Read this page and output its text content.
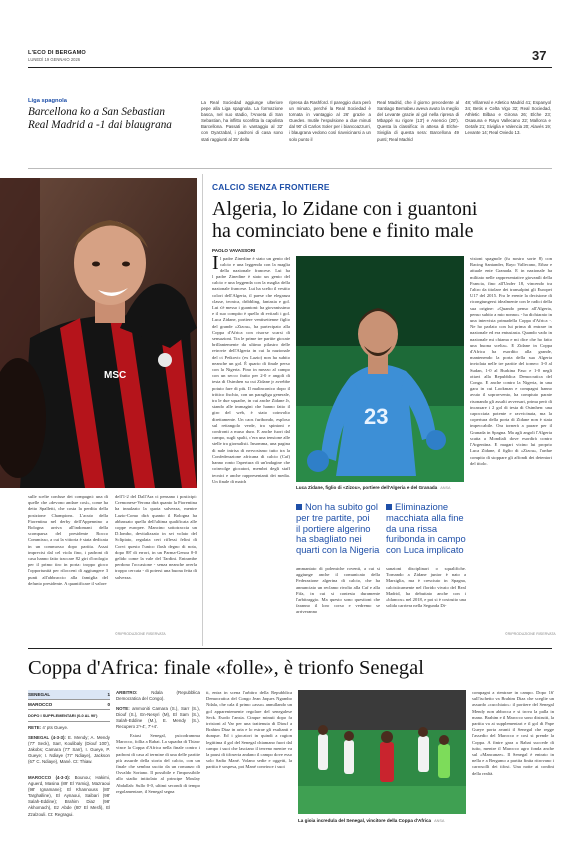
L'ECO DI BERGAMO
LUNEDÌ 19 GENNAIO 2026	37
Liga spagnola
Barcellona ko a San Sebastian
Real Madrid a -1 dai blaugrana
La Real Sociedad aggiunge ulteriore pepe alla Liga spagnola. La formazione basca, nel suo stadio, l'Anoeta di San Sebastian, ha inflitto sconfitta la capolista Barcellona. Passati in vantaggio al 32' con Oyarzabal, i padroni di casa sono stati raggiunti al 25' della
ripresa da Rashford. Il pareggio dura però un minuto, perché la Real Sociedad è tornata in vantaggio al 26' grazie a Guedes. Inutile l'espulsione a due minuti dal 90' di Carlos Soler per i biancoazzurri, i blaugrana vedono così riavvicinarsi a un solo punto il
Real Madrid, che il giorno precedente al Santiago Bernabeu aveva avuto la meglio del Levante grazie al gol nella ripresa di Mbappé su rigore (13') e Asencio (20'). Questa la classifica: in attesa di Elche-Siviglia di questa sera: Barcellona 49 punti; Real Madrid
48; Villarreal e Atletico Madrid 41; Espanyol 34; Betis e Celta Vigo 32; Real Sociedad, Athletic Bilbao e Girona 26; Elche 23; Osasuna e Rayo Vallecano 22; Mallorca e Getafe 21; Siviglia e Valencia 20; Alavés 19; Levante 14; Real Oviedo 13.
MSC
sulle scelte confuse dei compagni: una di quelle che «devono andare così», come ha detto Spalletti, che costa la perdita della posizione Champions. L'acuto della Fiorentina nel derby dell'Appennino a Bologna arriva all'indomani della scomparsa del presidente Rocco Commisso, a cui la vittoria è stata dedicata in un commosso dopo partita. Assai imprecisi dal cel viola fino, i padroni di casa hanno fatto traccare 82 giri d'orologio per il primo tiro in porta: troppo gioco l'opportunità per rilocceni di aggiungere 3 punti all'abbraccio alla famiglia del defunto presidente. A quantificare il valore
dell'1-2 del Dall'Ara ci pensano i posticipi: Cremonese-Verona dirà quanto la Fiorentina ha innalzato la quota salvezza, mentre Lazio-Como dirà quanto il Bologna ha abbassato quella dell'ultima qualificata alle coppe europee. Mancino sottotraccia un D.Iombo, devitalizzato in sei volato del Sclipiato, regalata ceri riflessi felini di Corvi questo l'unico flash degno di nota, dopo 88' di errori, in un Parma-Genoa 0-0 gelido come la vale del Tardini. Entrambe perdono l'occasione - senza neanche averla troppo cercata - di potersi una buona fetta di salvezza.
©RIPRODUZIONE RISERVATA
CALCIO SENZA FRONTIERE
Algeria, lo Zidane con i guantoni
ha cominciato bene e finito male
PAOLO VAVASSORI
I l padre Zinedine è stato un genio del calcio e una leggenda con la maglia della nazionale francese. Lui ha
l padre Zinedine è stato un genio del calcio e una leggenda con la maglia della nazionale francese. Lui ha scelto il vestito colori dell'Algeria, il paese che eleganza classe, tecnica, dribbling, fantasia e gol. Lui s'è messo i guantoni: ha giovanissimo e il suo compito è quello di evitarli i gol. Luca Zidane, portiere ventisettenne figlio del grande «Zizou», ha partecipato alla Coppa d'Africa con risorse scarsi di sensazioni. Tra le prime tre partite giocate brillantemente da ultimo pilastro delle retrovie dell'Algeria in cui la nazionale del ct Petkovic (ex Lazio) non ha subito neanche un gol. È quarto di finale perso con la Nigeria. Fino in mezzo al campo con un secco fratto per 2-0 e angoli di testa di Osimhen su cui Zidane jr avrebbe potuto fare di più. Il malinconico dopo il trittico fischio, con un paragliga generale, tra le due squadre, in cui anche Zidane Jr, stando alle immagini che hanno fatto il giro del web, è stato coinvolto direttamente. Un caos furibondo, esploso sul rettangolo verde, tra spintoni e confronti a muso duro. E anche fuori dal campo, sugli spalti, c'era una tensione alle stelle tra giornalisti. Insomma, una pagina di nale intrisa di nervosismo tutto tra la Confederazione africana di calcio (Caf) hanno ronto l'apertura di un'indagine che coinvolge giocatori, membri degli staff tecnici e anche rappresentanti dei media. Un finale di match
23
Luca Zidane, figlio di «Zizou», portiere dell'Algeria e del Granada ANSA
visioni spagnole (fu nostro sorte 8) con Racing Santander, Rayo Vallecano, Eibar e attuale ente Granada. E in nazionale ha militato nelle rappresentative giovanili della Francia, fino all'Under 18, vincendo tra l'altro da titolare dei transalpini gli Europei U17 del 2015. Fra le erente la decisione di ricongiungersi idealmente con le radici della sua origine: «Quando penso all'Algeria, penso subito a mio nonno» - ha dichiarato in una intervista primadella Coppa d'Africa -. Ne ho parlato con lui prima di entrare in nazionale ed era entusiasta. Quando vado in nazionale mi chiama e mi dice che ho fatto una buona scelta». E Zidane in Coppa d'Africa ha esordito alla grande, mantenendo la porta della sua Algeria inviolata nelle tre partite del torneo: 3-0 al Sudan, 1-0 al Burkina Faso e 1-0 negli ottavi alla Repubblica Democratica del Congo. E anche contro la Nigeria, in una gara in cui Lookman e compagni hanno avuto il sopravvento, ha compiuto parate risonando gli assalti avversari, prima però di incassare i 2 gol di testa di Osimhen: una capocciata potente e ravvicinata, ma la copertura della porta di Zidane non è stata impeccabile. Ora tornerà a parare per il Granada in Spagna. Ma agli angoli l'Algeria scatta a Mondiali dove esordirà contro l'Argentina. E magari vicino lui proprio Luca Zidane, il figlio di «Zizou», l'ardue compito di stoppare gli affondi dei detentori del titolo.
©RIPRODUZIONE RISERVATA
Non ha subito gol
per tre partite, poi
il portiere algerino
ha sbagliato nei
quarti con la Nigeria
Eliminazione
macchiata alla fine
da una rissa
furibonda in campo
con Luca implicato
ammantato di polemiche roventi, a cui si aggiunge anche il comunicato della Federazione algerina di calcio, che ha annunciato un reclamo rivolto alla Caf e alla Fifa, in cui si contesta duramente l'arbitraggio. Ma questo sono questioni che faranno il loro corso e vedremo se arriveranno
sanzioni disciplinari o squalifiche. Tornando a Zidane junior è nato a Marsiglia, ma è cresciuto in Spagna, calcisticamente nel florido vivaio del Real Madrid, ha debuttato anche con i «blancos» nel 2018, e poi si è costruito una solida carriera nella Segunda Di-
Coppa d'Africa: finale «folle», è trionfo Senegal
SENEGAL	1
MAROCCO	0
DOPO I SUPPLEMENTARI (0-0 AL 90')
RETE: 4' pts Gueye.
SENEGAL (4-3-3): E. Mendy; A. Mendy (77' Seck), Sarr, Koulibaly (Diouf 100'), Jakobs; Camara (77' Sarr), I. Gueye, P. Gueye; I. Ndiaye (77' Ndiaye), Jackson (67' C. Ndiaye), Mané. Ct: Thiaw.
MAROCCO (4-3-3): Bounou; Hakimi, Aguerd, Masina (89' El Yamiq), Mazraoui (98' Ignamane); El Khannouss (80' Targhalline), El Aynaoui, Saibari (98' Salah-Eddine); Brahim Diaz (98' Akhomach), Ez Abde (80' El Mesfi), El Zzalzouli. Ct: Regragui.
ARBITRO:	Ndala (Repubblica Democratica del Congo).
NOTE: ammoniti Camara (S.), Sarr (S.), Diouf (S.), En-Nesyri (M), El Sam (S.), Salah-Eddine (M.), E. Mendy (S.). Recupero 2'+4', 7'+4'.
Estasi Senegal, psicodramma Marocco, follia a Rabat. La squadra di Thiaw vince la Coppa d'Africa nella finale contro i padroni di casa al termine di una delle partite più assurde della storia del calcio, con un finale che sembra uscito da un romanzo di Osvaldo Soriano. Il possibile e l'impossibile allo stadio intitolato al principe Moulay Abdallah: Sullo 0-0, ultimi secondi di tempo regolamentare, il Senegal segna
ti, entra in scena l'arbitro della Repubblica Democratica del Congo Jean Jaques Ngambo Ndala, che cala il primo «asso» annullando un gol apparentemente regolare del senegalese Seck. Esodo l'ansia. Cinque minuti dopo fa irrisioni al Var per una trattenuta di Diouf a Brahim Diaz in aria e lo estrae gli esultanti e dunque. Ed i giocatori in quindi a ragion legittima il gol del Senegal chiamano fuori dal campo i suoi che lasciano il terreno mentre va la pausi di tifoseria andano il campo dove esso solo Sadio Mané. Volano sedie e oggetti, la partita è sospesa, poi Mané convince i suoi
La gioia incredula del Senegal, vincitore della Coppa d'Africa ANSA
compagni a rientrare in campo. Dopo 16' sull'ischetto va Brahim Diaz che sceglie un assurdo «cucchiaio»: il portiere del Senegal Mendy non abbocca e si trova la palla in mano. Brahim e il Marocco sono distrutti, la partita va ai supplementari e il gol di Pape Gueye porta avanti il Senegal che regge l'assedio del Marocco e così si prende la Coppa. A finire gara a Rabat succede di tutto, mentre il Marocco agro fonda anche sul «Mancanze». Il Senegal è entrato in nella e a Bergamo a partita finita ritrovano i carrosolli dei tifosi. Una notte ai confini della realtà.
